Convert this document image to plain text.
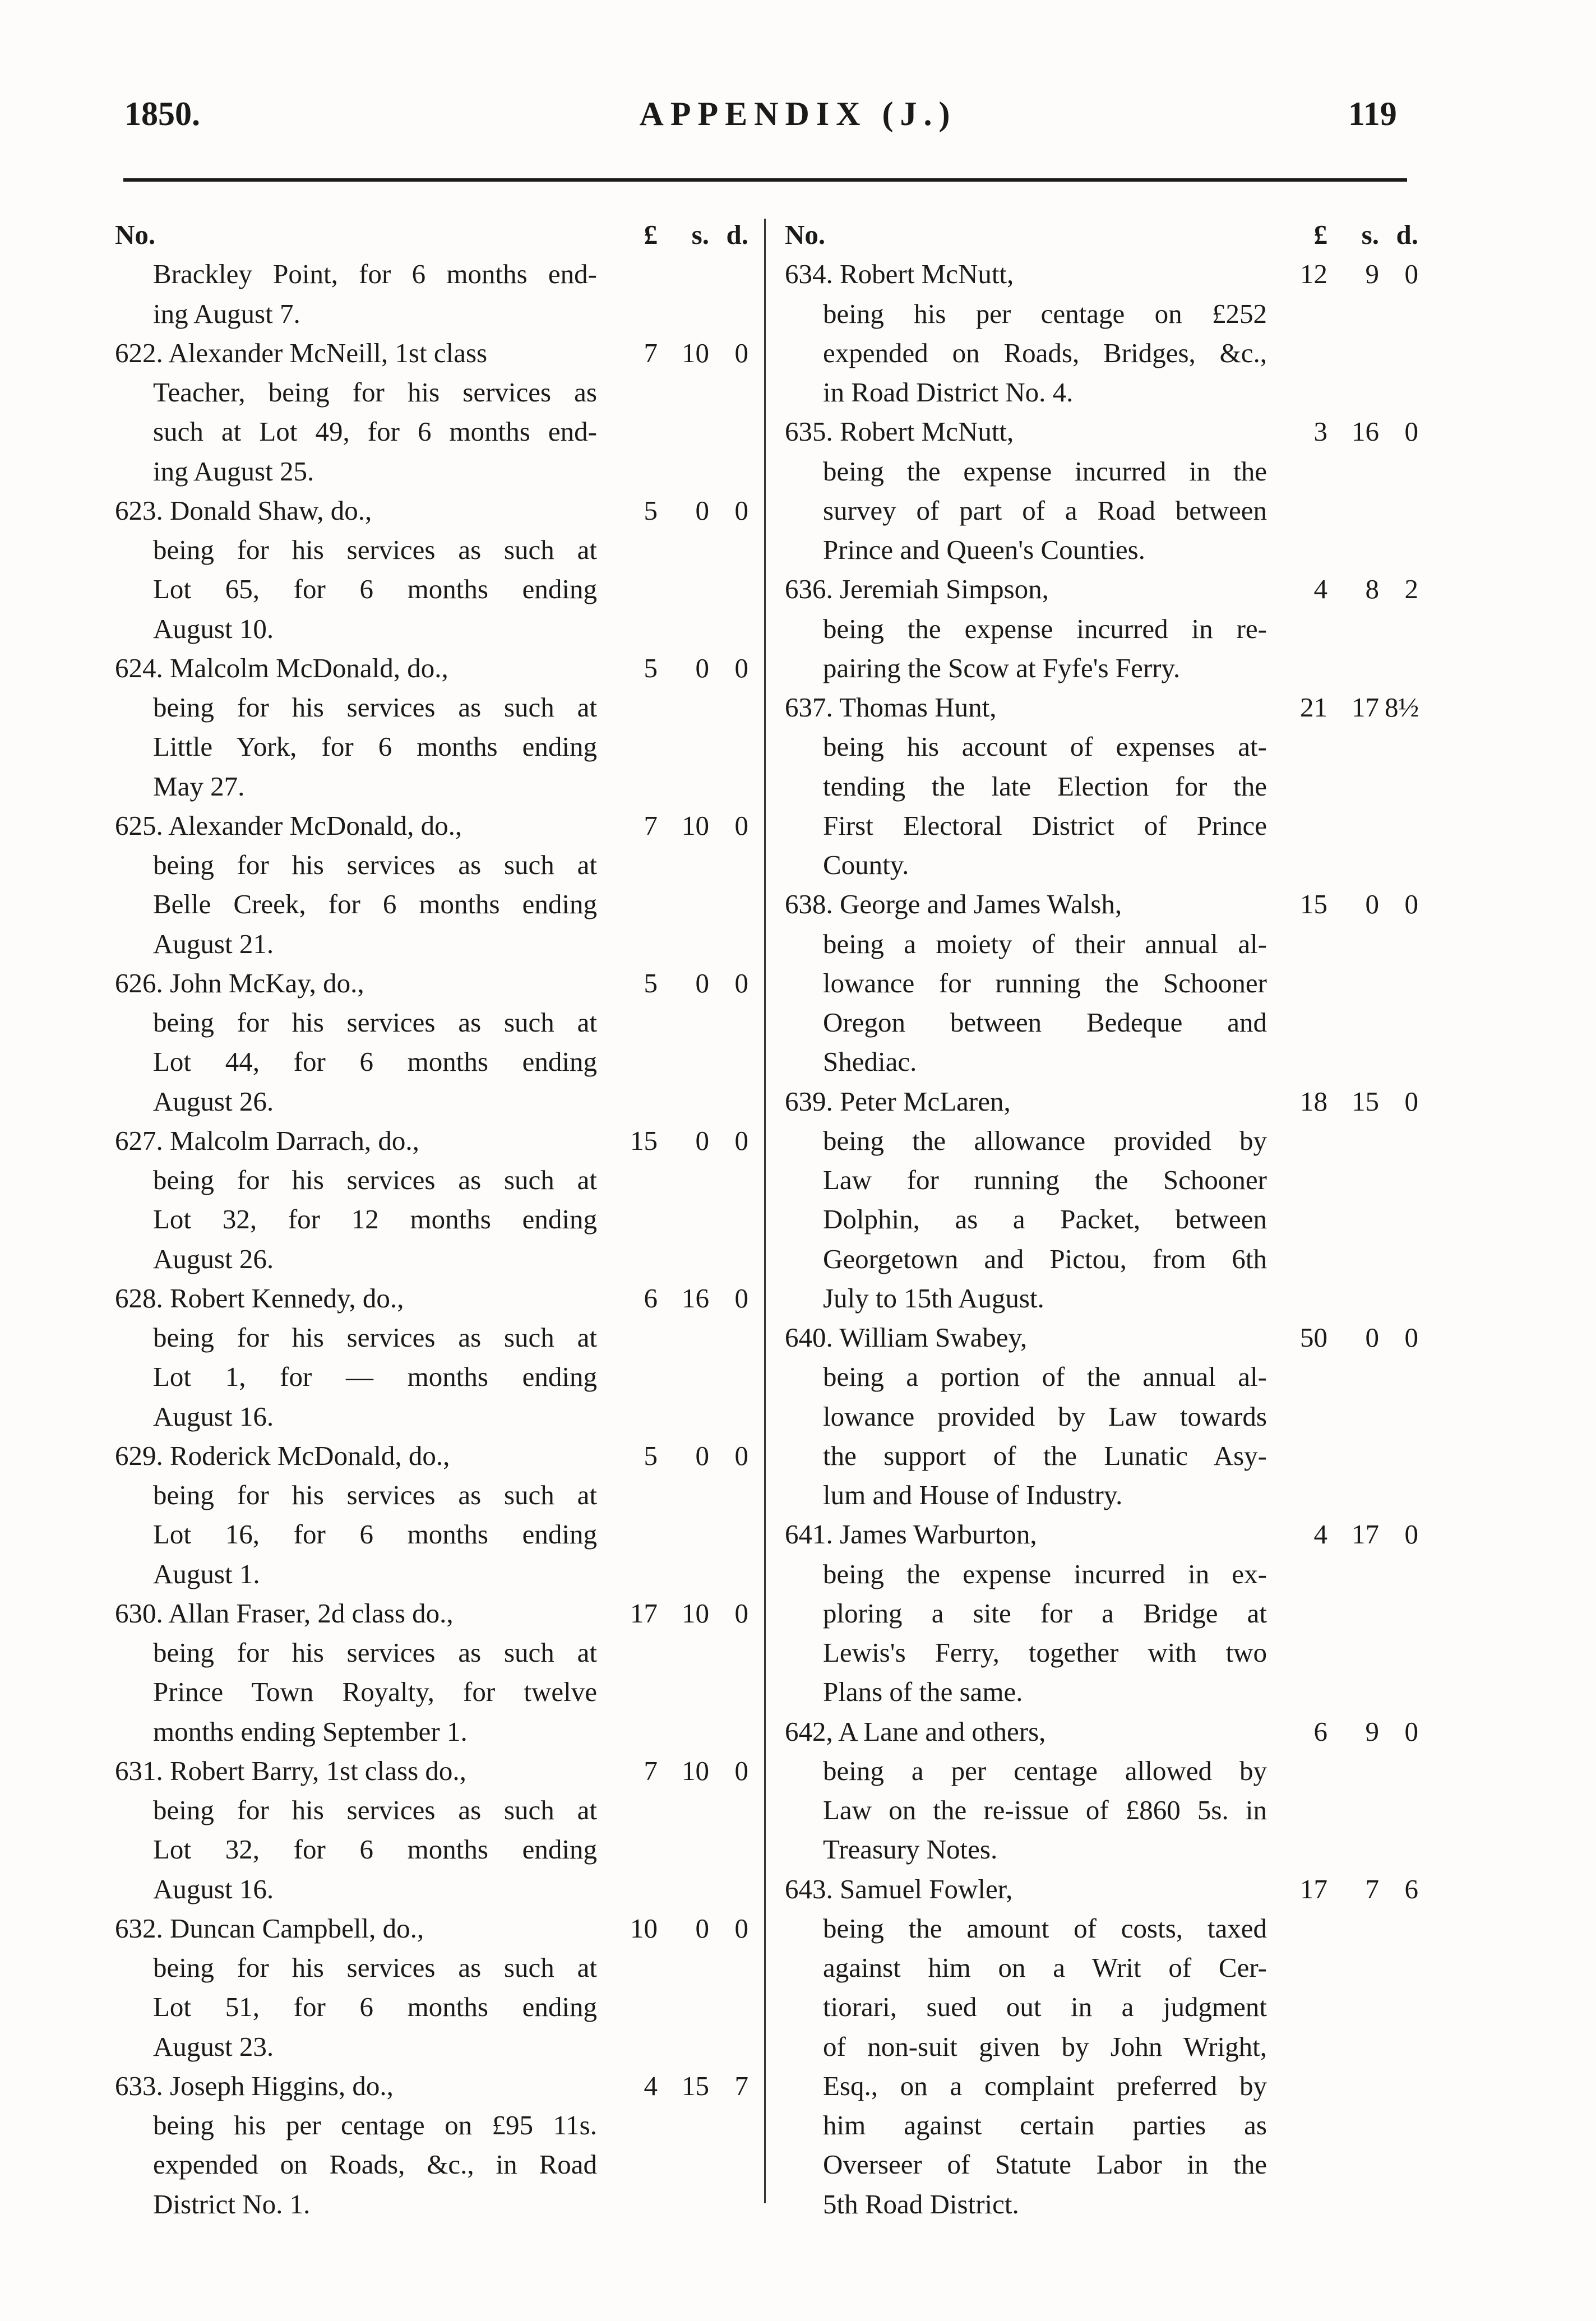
1850.	APPENDIX (J.)	119
No.	£	s. d.
Brackley Point, for 6 months end-
ing August 7.
622. Alexander McNeill, 1st class	7 10 0
Teacher, being for his services as
such at Lot 49, for 6 months end-
ing August 25.
623. Donald Shaw, do.,	5	0 0
being for his services as such at
Lot 65, for 6 months ending
August 10.
624. Malcolm McDonald, do.,	5	0 0
being for his services as such at
Little York, for 6 months ending
May 27.
625. Alexander McDonald, do.,	7 10 0
being for his services as such at
Belle Creek, for 6 months ending
August 21.
626. John McKay, do.,	5	0 0
being for his services as such at
Lot 44, for 6 months ending
August 26.
627. Malcolm Darrach, do.,	15	0 0
being for his services as such at
Lot 32, for 12 months ending
August 26.
628. Robert Kennedy, do.,	6 16 0
being for his services as such at
Lot 1, for — months ending
August 16.
629. Roderick McDonald, do.,	5	0 0
being for his services as such at
Lot 16, for 6 months ending
August 1.
630. Allan Fraser, 2d class do.,	17 10 0
being for his services as such at
Prince Town Royalty, for twelve
months ending September 1.
631. Robert Barry, 1st class do.,	7 10 0
being for his services as such at
Lot 32, for 6 months ending
August 16.
632. Duncan Campbell, do.,	10	0 0
being for his services as such at
Lot 51, for 6 months ending
August 23.
633. Joseph Higgins, do.,	4 15 7
being his per centage on £95 11s.
expended on Roads, &c., in Road
District No. 1.
No.	£	s. d.
634. Robert McNutt,	12	9 0
being his per centage on £252
expended on Roads, Bridges, &c.,
in Road District No. 4.
635. Robert McNutt,	3 16 0
being the expense incurred in the
survey of part of a Road between
Prince and Queen's Counties.
636. Jeremiah Simpson,	4	8 2
being the expense incurred in re-
pairing the Scow at Fyfe's Ferry.
637. Thomas Hunt,	21 17 8½
being his account of expenses at-
tending the late Election for the
First Electoral District of Prince
County.
638. George and James Walsh,	15	0 0
being a moiety of their annual al-
lowance for running the Schooner
Oregon between Bedeque and
Shediac.
639. Peter McLaren,	18 15 0
being the allowance provided by
Law for running the Schooner
Dolphin, as a Packet, between
Georgetown and Pictou, from 6th
July to 15th August.
640. William Swabey,	50	0 0
being a portion of the annual al-
lowance provided by Law towards
the support of the Lunatic Asy-
lum and House of Industry.
641. James Warburton,	4 17 0
being the expense incurred in ex-
ploring a site for a Bridge at
Lewis's Ferry, together with two
Plans of the same.
642, A Lane and others,	6	9 0
being a per centage allowed by
Law on the re-issue of £860 5s. in
Treasury Notes.
643. Samuel Fowler,	17	7 6
being the amount of costs, taxed
against him on a Writ of Cer-
tiorari, sued out in a judgment
of non-suit given by John Wright,
Esq., on a complaint preferred by
him against certain parties as
Overseer of Statute Labor in the
5th Road District.
